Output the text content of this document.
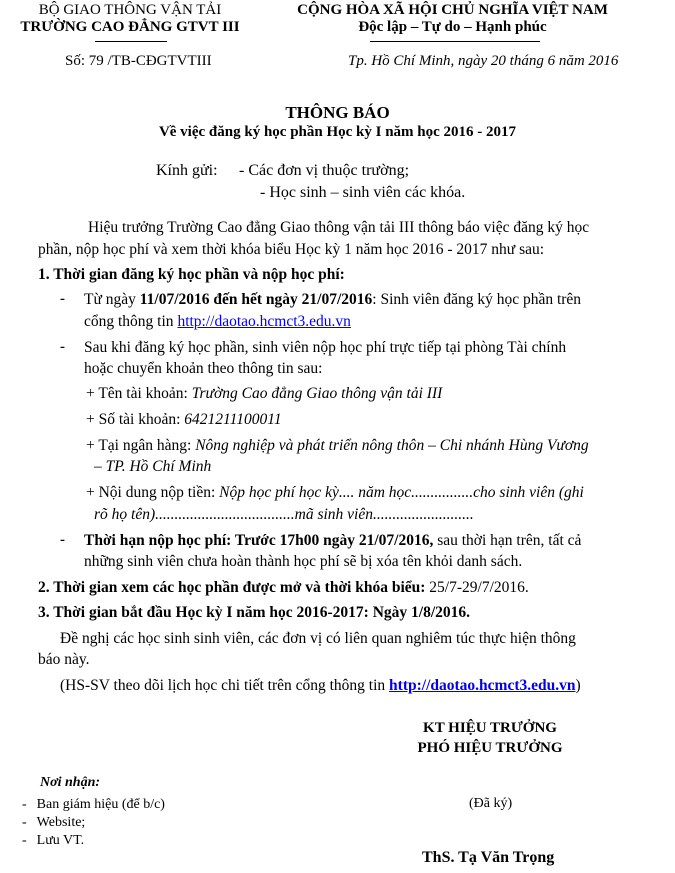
BỘ GIAO THÔNG VẬN TẢI
TRƯỜNG CAO ĐẲNG GTVT III
CỘNG HÒA XÃ HỘI CHỦ NGHĨA VIỆT NAM
Độc lập – Tự do – Hạnh phúc
Số: 79 /TB-CĐGTVTIII	Tp. Hồ Chí Minh, ngày 20 tháng 6 năm 2016
THÔNG BÁO
Về việc đăng ký học phần Học kỳ I năm học 2016 - 2017
Kính gửi: - Các đơn vị thuộc trường;
- Học sinh – sinh viên các khóa.
Hiệu trưởng Trường Cao đẳng Giao thông vận tải III thông báo việc đăng ký học
phần, nộp học phí và xem thời khóa biểu Học kỳ 1 năm học 2016 - 2017 như sau:
1. Thời gian đăng ký học phần và nộp học phí:
- Từ ngày 11/07/2016 đến hết ngày 21/07/2016: Sinh viên đăng ký học phần trên
cổng thông tin http://daotao.hcmct3.edu.vn
- Sau khi đăng ký học phần, sinh viên nộp học phí trực tiếp tại phòng Tài chính
hoặc chuyển khoản theo thông tin sau:
+ Tên tài khoản: Trường Cao đẳng Giao thông vận tải III
+ Số tài khoản: 6421211100011
+ Tại ngân hàng: Nông nghiệp và phát triển nông thôn – Chi nhánh Hùng Vương
– TP. Hồ Chí Minh
+ Nội dung nộp tiền: Nộp học phí học kỳ.... năm học................cho sinh viên (ghi
rõ họ tên)....................................mã sinh viên..........................
- Thời hạn nộp học phí: Trước 17h00 ngày 21/07/2016, sau thời hạn trên, tất cả
những sinh viên chưa hoàn thành học phí sẽ bị xóa tên khỏi danh sách.
2. Thời gian xem các học phần được mở và thời khóa biểu: 25/7-29/7/2016.
3. Thời gian bắt đầu Học kỳ I năm học 2016-2017: Ngày 1/8/2016.
Đề nghị các học sinh sinh viên, các đơn vị có liên quan nghiêm túc thực hiện thông
báo này.
(HS-SV theo dõi lịch học chi tiết trên cổng thông tin http://daotao.hcmct3.edu.vn)
KT HIỆU TRƯỞNG
PHÓ HIỆU TRƯỞNG
(Đã ký)
ThS. Tạ Văn Trọng
Nơi nhận:
- Ban giám hiệu (để b/c)
- Website;
- Lưu VT.
